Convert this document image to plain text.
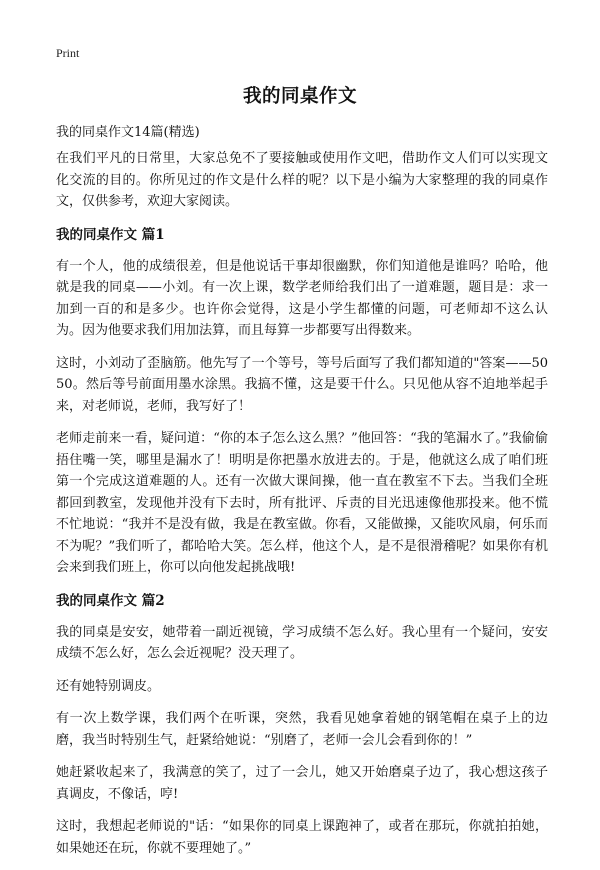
Print
我的同桌作文
我的同桌作文14篇(精选)

在我们平凡的日常里，大家总免不了要接触或使用作文吧，借助作文人们可以实现文化交流的目的。你所见过的作文是什么样的呢？以下是小编为大家整理的我的同桌作文，仅供参考，欢迎大家阅读。

我的同桌作文 篇1

有一个人，他的成绩很差，但是他说话干事却很幽默，你们知道他是谁吗？哈哈，他就是我的同桌——小刘。有一次上课，数学老师给我们出了一道难题，题目是：求一加到一百的和是多少。也许你会觉得，这是小学生都懂的问题，可老师却不这么认为。因为他要求我们用加法算，而且每算一步都要写出得数来。

这时，小刘动了歪脑筋。他先写了一个等号，等号后面写了我们都知道的"答案——5050。然后等号前面用墨水涂黑。我搞不懂，这是要干什么。只见他从容不迫地举起手来，对老师说，老师，我写好了！

老师走前来一看，疑问道：“你的本子怎么这么黑？”他回答：“我的笔漏水了。”我偷偷捂住嘴一笑，哪里是漏水了！明明是你把墨水放进去的。于是，他就这么成了咱们班第一个完成这道难题的人。还有一次做大课间操，他一直在教室不下去。当我们全班都回到教室，发现他并没有下去时，所有批评、斥责的目光迅速像他那投来。他不慌不忙地说：“我并不是没有做，我是在教室做。你看，又能做操，又能吹风扇，何乐而不为呢？”我们听了，都哈哈大笑。怎么样，他这个人，是不是很滑稽呢？如果你有机会来到我们班上，你可以向他发起挑战哦!

我的同桌作文 篇2

我的同桌是安安，她带着一副近视镜，学习成绩不怎么好。我心里有一个疑问，安安成绩不怎么好，怎么会近视呢？没天理了。

还有她特别调皮。

有一次上数学课，我们两个在听课，突然，我看见她拿着她的钢笔帽在桌子上的边磨，我当时特别生气，赶紧给她说：“别磨了，老师一会儿会看到你的！”

她赶紧收起来了，我满意的笑了，过了一会儿，她又开始磨桌子边了，我心想这孩子真调皮，不像话，哼!

这时，我想起老师说的"话：“如果你的同桌上课跑神了，或者在那玩，你就拍拍她，如果她还在玩，你就不要理她了。”
